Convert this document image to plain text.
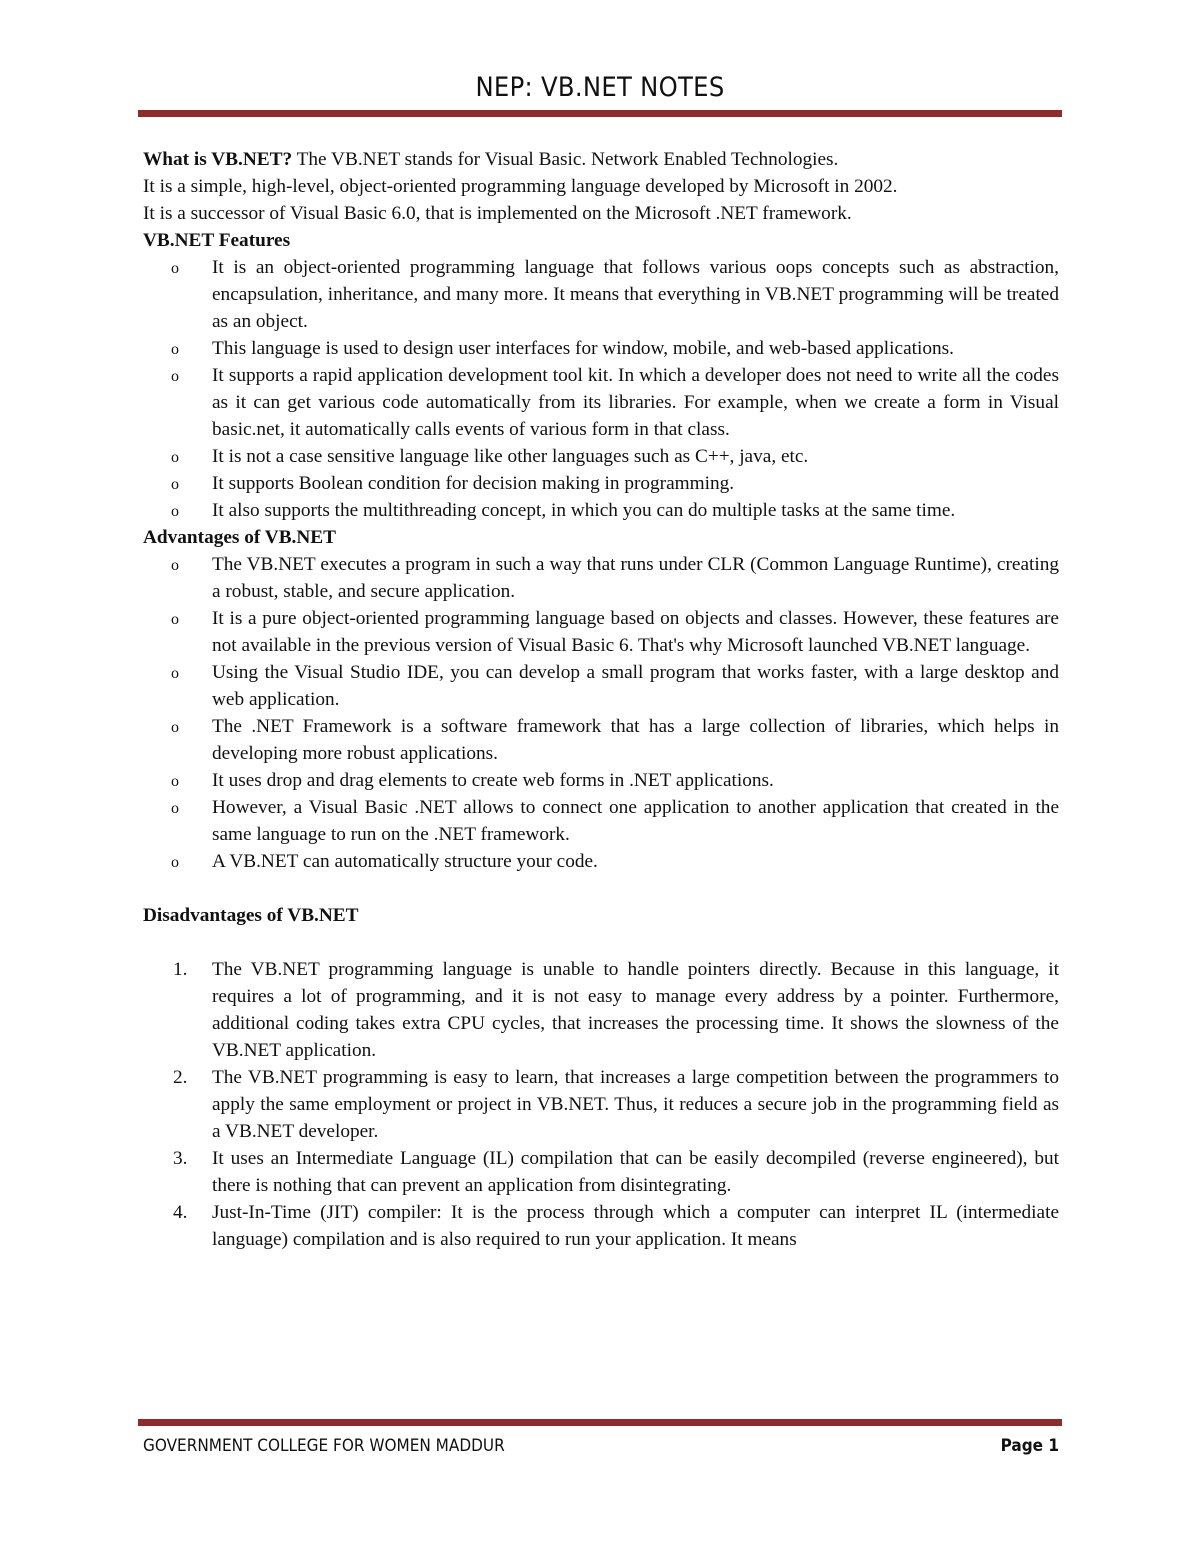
NEP: VB.NET NOTES

What is VB.NET? The VB.NET stands for Visual Basic. Network Enabled Technologies.

It is a simple, high-level, object-oriented programming language developed by Microsoft in 2002.

It is a successor of Visual Basic 6.0, that is implemented on the Microsoft .NET framework.

VB.NET Features

o It is an object-oriented programming language that follows various oops concepts such as abstraction, encapsulation, inheritance, and many more. It means that everything in VB.NET programming will be treated as an object.
o This language is used to design user interfaces for window, mobile, and web-based applications.
o It supports a rapid application development tool kit. In which a developer does not need to write all the codes as it can get various code automatically from its libraries. For example, when we create a form in Visual basic.net, it automatically calls events of various form in that class.
o It is not a case sensitive language like other languages such as C++, java, etc.
o It supports Boolean condition for decision making in programming.
o It also supports the multithreading concept, in which you can do multiple tasks at the same time.

Advantages of VB.NET

o The VB.NET executes a program in such a way that runs under CLR (Common Language Runtime), creating a robust, stable, and secure application.
o It is a pure object-oriented programming language based on objects and classes. However, these features are not available in the previous version of Visual Basic 6. That's why Microsoft launched VB.NET language.
o Using the Visual Studio IDE, you can develop a small program that works faster, with a large desktop and web application.
o The .NET Framework is a software framework that has a large collection of libraries, which helps in developing more robust applications.
o It uses drop and drag elements to create web forms in .NET applications.
o However, a Visual Basic .NET allows to connect one application to another application that created in the same language to run on the .NET framework.
o A VB.NET can automatically structure your code.

Disadvantages of VB.NET

1. The VB.NET programming language is unable to handle pointers directly. Because in this language, it requires a lot of programming, and it is not easy to manage every address by a pointer. Furthermore, additional coding takes extra CPU cycles, that increases the processing time. It shows the slowness of the VB.NET application.
2. The VB.NET programming is easy to learn, that increases a large competition between the programmers to apply the same employment or project in VB.NET. Thus, it reduces a secure job in the programming field as a VB.NET developer.
3. It uses an Intermediate Language (IL) compilation that can be easily decompiled (reverse engineered), but there is nothing that can prevent an application from disintegrating.
4. Just-In-Time (JIT) compiler: It is the process through which a computer can interpret IL (intermediate language) compilation and is also required to run your application. It means
GOVERNMENT COLLEGE FOR WOMEN MADDUR	Page 1
